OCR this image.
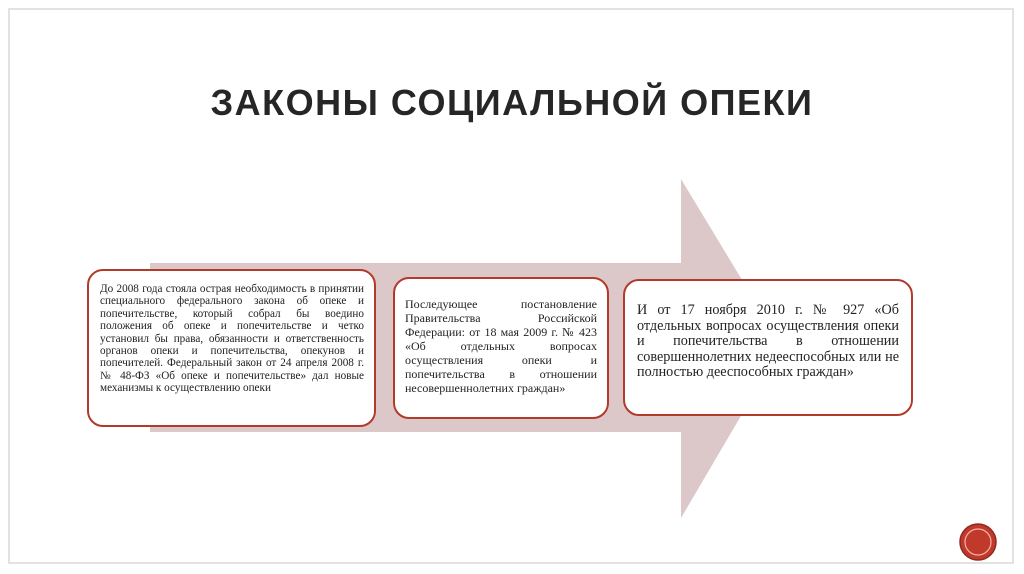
ЗАКОНЫ СОЦИАЛЬНОЙ ОПЕКИ
До 2008 года стояла острая необходимость в принятии специального федерального закона об опеке и попечительстве, который собрал бы воедино положения об опеке и попечительстве и четко установил бы права, обязанности и ответственность органов опеки и попечительства, опекунов и попечителей. Федеральный закон от 24 апреля 2008 г. № 48-ФЗ «Об опеке и попечительстве» дал новые механизмы к осуществлению опеки
Последующее постановление Правительства Российской Федерации: от 18 мая 2009 г. № 423 «Об отдельных вопросах осуществления опеки и попечительства в отношении несовершеннолетних граждан»
И от 17 ноября 2010 г. № 927 «Об отдельных вопросах осуществления опеки и попечительства в отношении совершеннолетних недееспособных или не полностью дееспособных граждан»
